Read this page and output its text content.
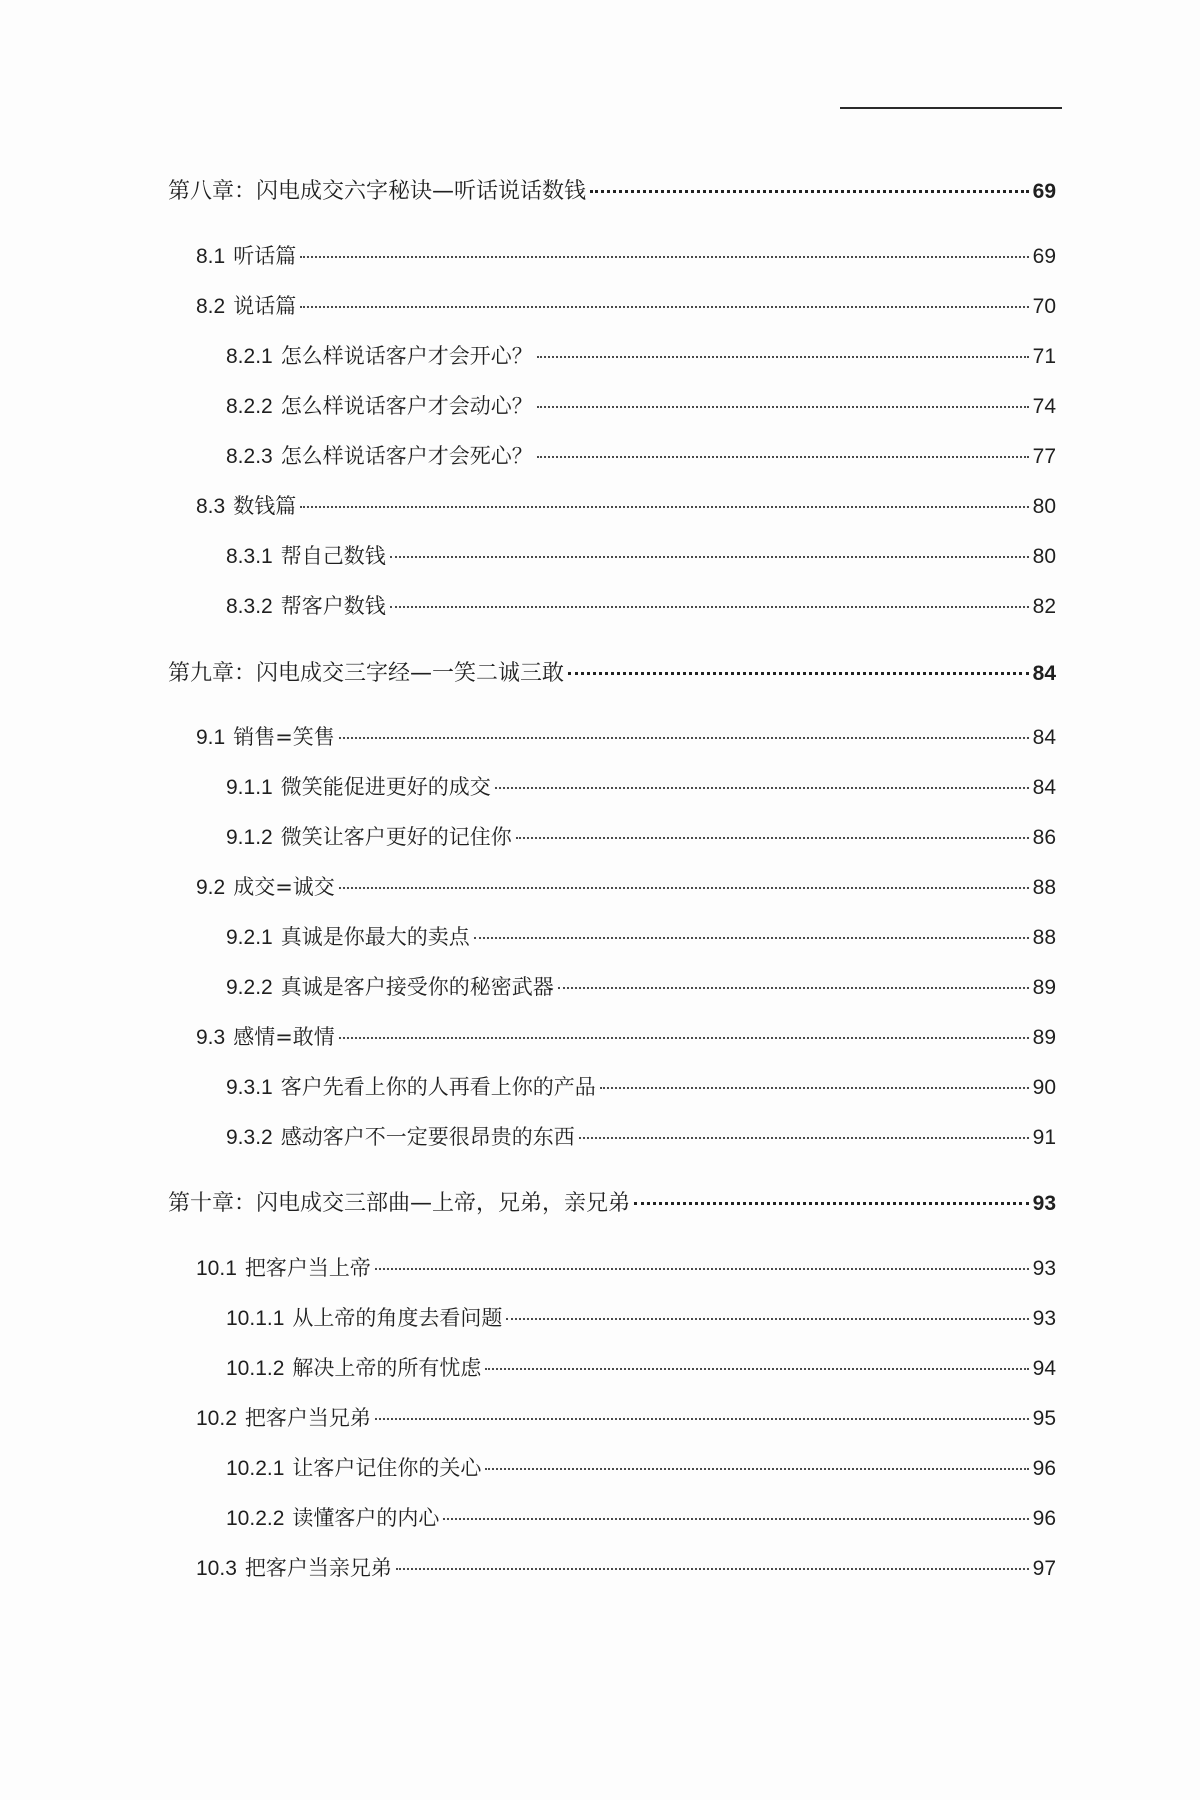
第八章：闪电成交六字秘诀—听话说话数钱	69
8.1 听话篇	69
8.2 说话篇	70
8.2.1 怎么样说话客户才会开心？	71
8.2.2 怎么样说话客户才会动心？	74
8.2.3 怎么样说话客户才会死心？	77
8.3 数钱篇	80
8.3.1 帮自己数钱	80
8.3.2 帮客户数钱	82
第九章：闪电成交三字经—一笑二诚三敢	84
9.1 销售=笑售	84
9.1.1 微笑能促进更好的成交	84
9.1.2 微笑让客户更好的记住你	86
9.2 成交=诚交	88
9.2.1 真诚是你最大的卖点	88
9.2.2 真诚是客户接受你的秘密武器	89
9.3 感情=敢情	89
9.3.1 客户先看上你的人再看上你的产品	90
9.3.2 感动客户不一定要很昂贵的东西	91
第十章：闪电成交三部曲—上帝，兄弟，亲兄弟	93
10.1 把客户当上帝	93
10.1.1 从上帝的角度去看问题	93
10.1.2 解决上帝的所有忧虑	94
10.2 把客户当兄弟	95
10.2.1 让客户记住你的关心	96
10.2.2 读懂客户的内心	96
10.3 把客户当亲兄弟	97
